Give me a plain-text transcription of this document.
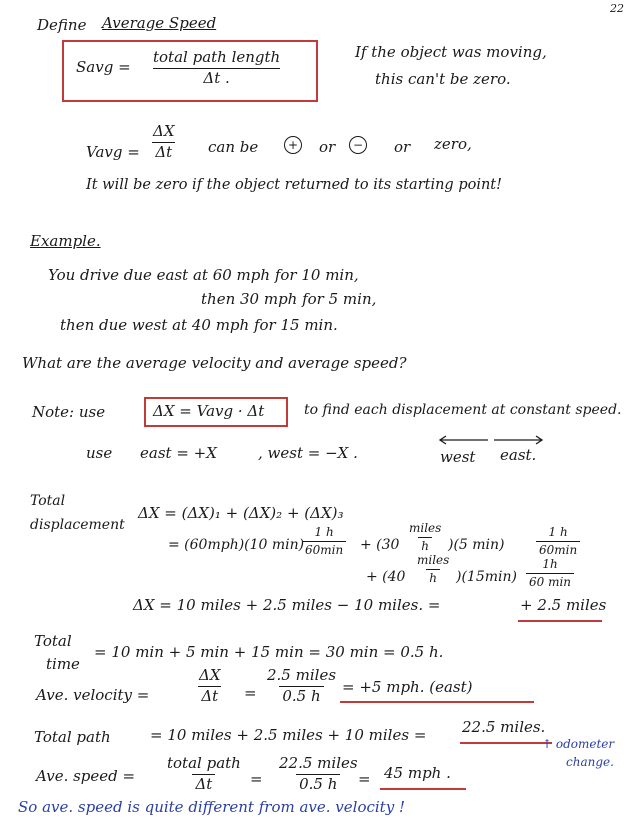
22
Define Average Speed
Savg =
total path length
Δt .
If the object was moving,
this can't be zero.
Vavg = $\frac{\Delta X}{\Delta t}$ can be	+ or	− or zero,
It will be zero if the object returned to its starting point!
Example.
You drive due east at 60 mph for 10 min,
then 30 mph for 5 min,
then due west at 40 mph for 15 min.
What are the average velocity and average speed?
Note: use	ΔX = Vavg · Δt	to find each displacement at constant speed.
use east = +X	, west = −X .	west east.
Total
displacement
ΔX = (ΔX)₁ + (ΔX)₂ + (ΔX)₃
= (60mph)(10 min)
1 h
60min + (30
miles
h )(5 min)
1 h
60min
+ (40
miles
h )(15min)
1h
60 min
ΔX = 10 miles + 2.5 miles − 10 miles. =	+ 2.5 miles
Total
time
= 10 min + 5 min + 15 min = 30 min = 0.5 h.
Ave. velocity =	$\frac{\Delta X}{\Delta t}$ =
2.5 miles
0.5 h = +5 mph. (east)
Total path	= 10 miles + 2.5 miles + 10 miles = 22.5 miles.
↑ odometer
change.
Ave. speed =
total path
Δt	=
22.5 miles
0.5 h = 45 mph .
So ave. speed is quite different from ave. velocity !
